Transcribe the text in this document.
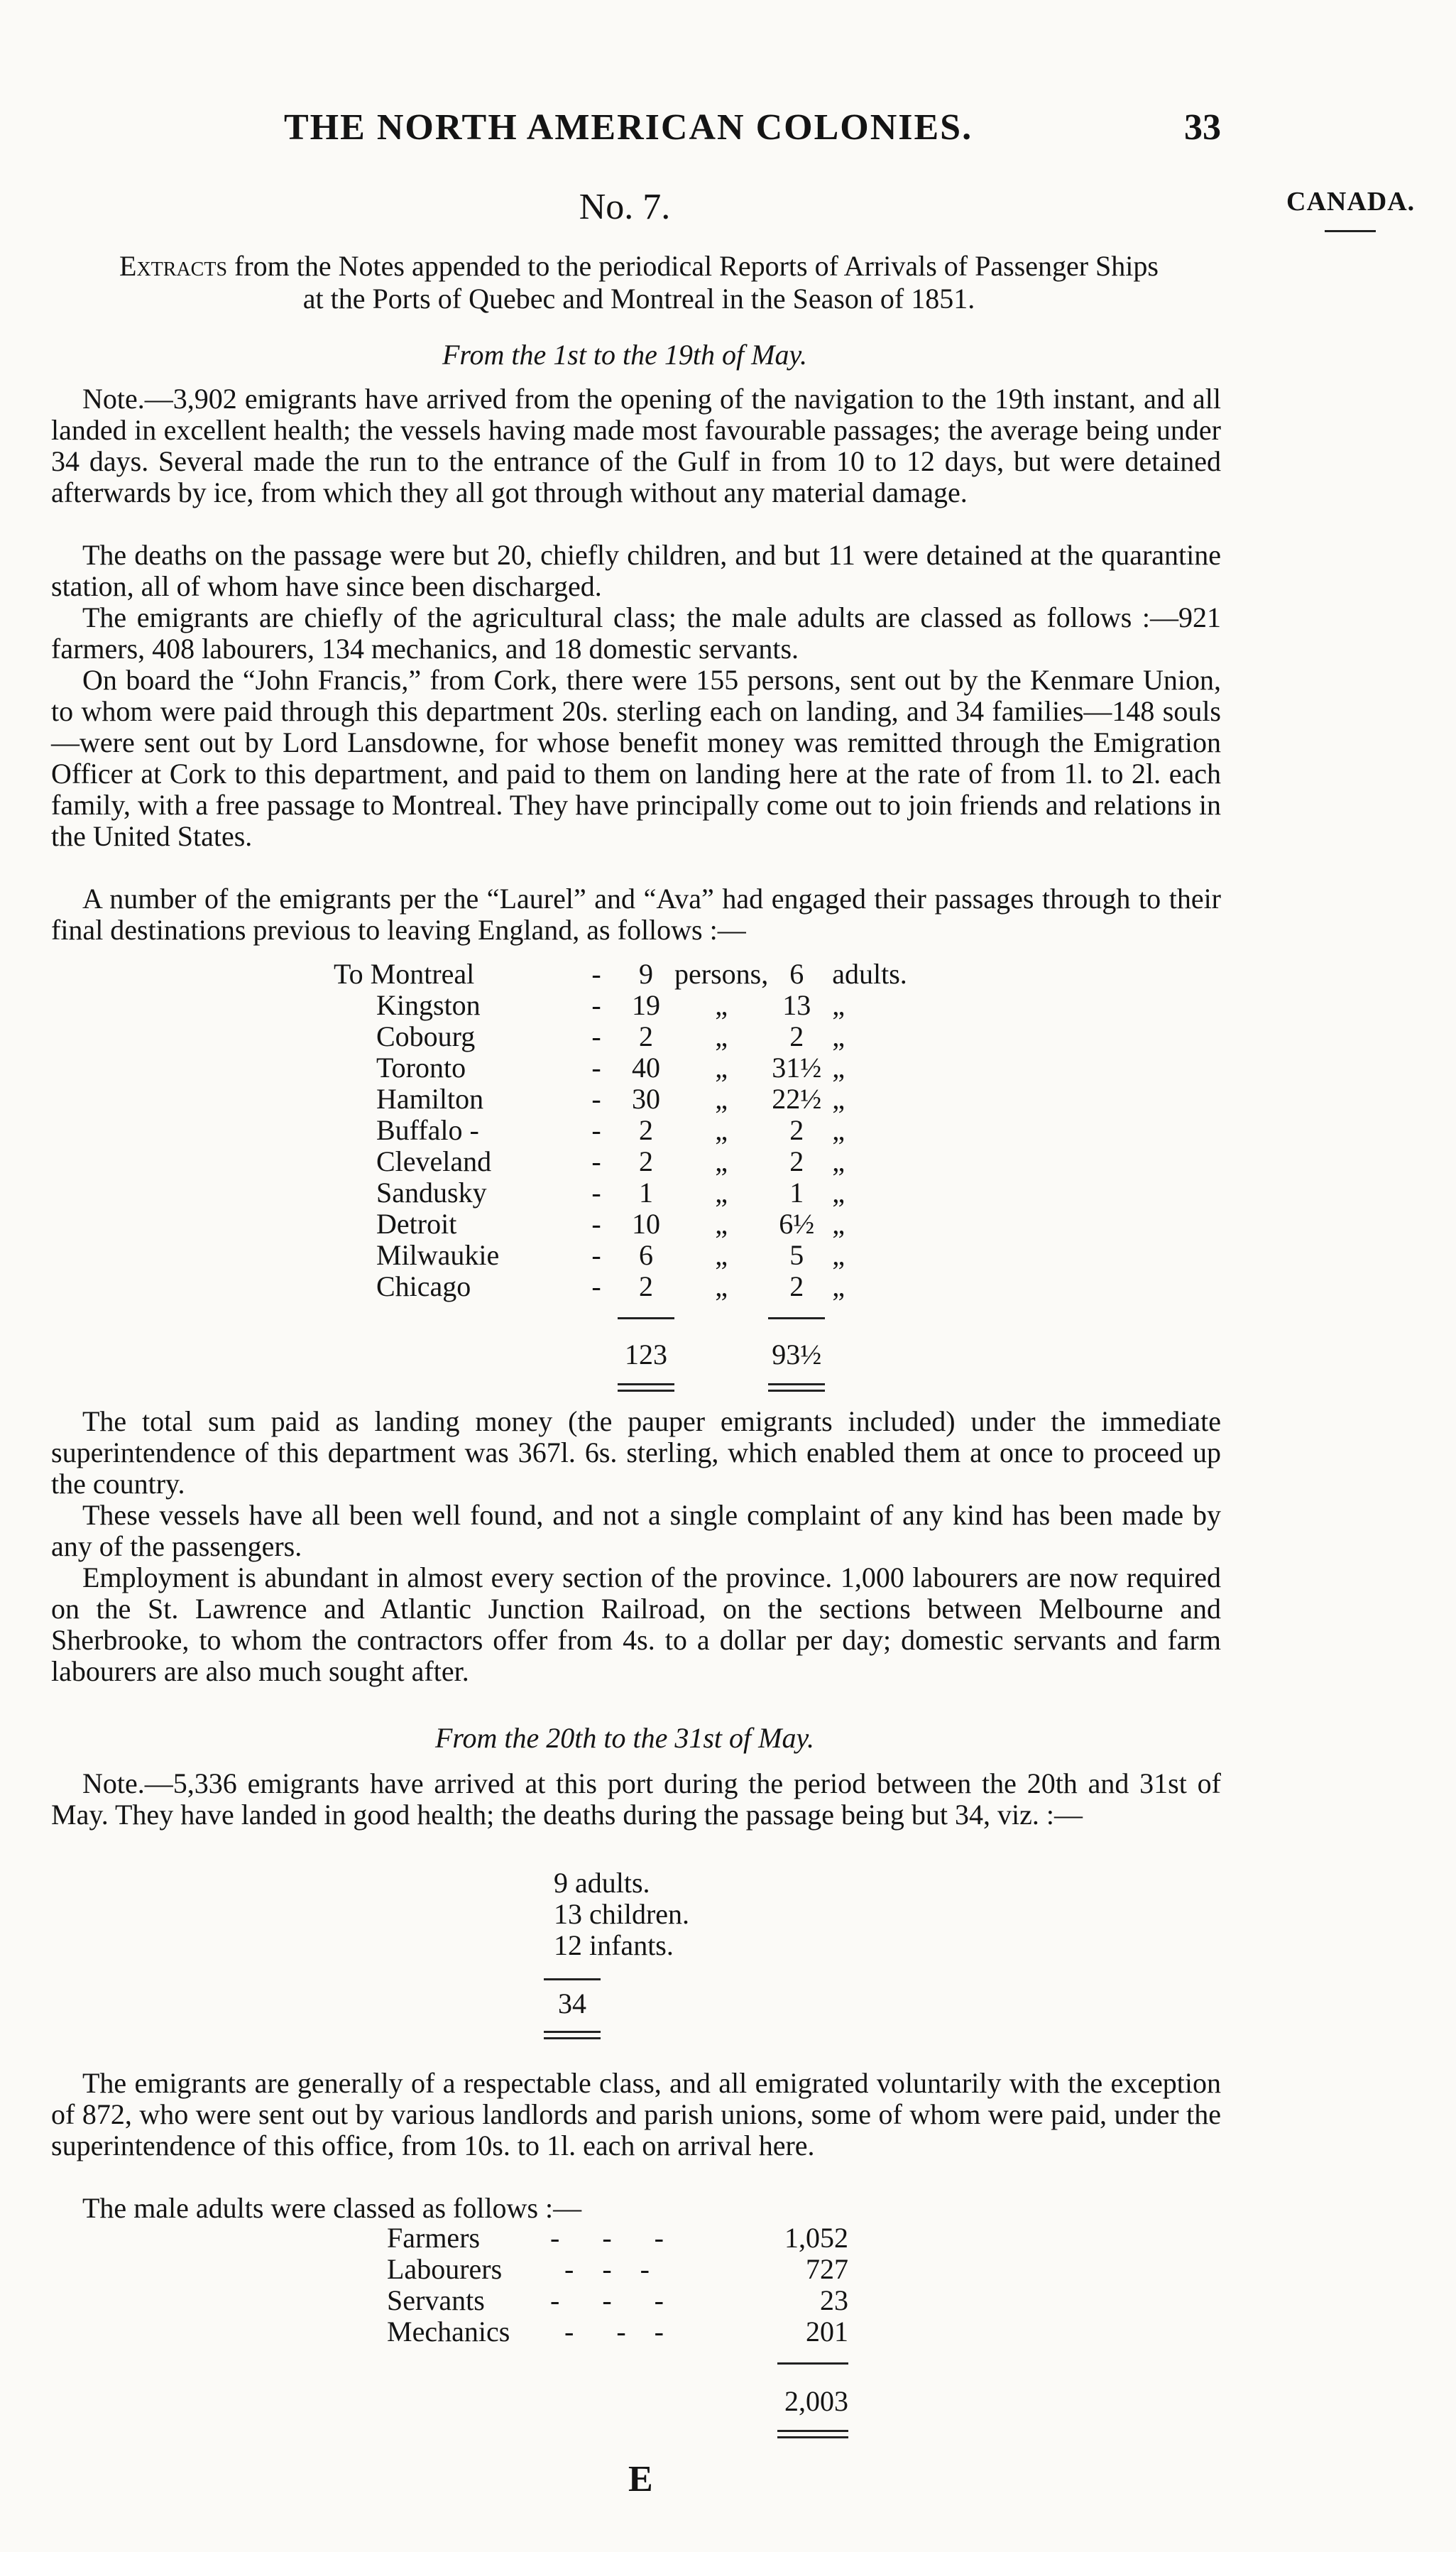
THE NORTH AMERICAN COLONIES.	33
CANADA.
No. 7.
Extracts from the Notes appended to the periodical Reports of Arrivals of Passenger Ships
at the Ports of Quebec and Montreal in the Season of 1851.
From the 1st to the 19th of May.
Note.—3,902 emigrants have arrived from the opening of the navigation to the 19th instant, and all landed in excellent health; the vessels having made most favourable passages; the average being under 34 days. Several made the run to the entrance of the Gulf in from 10 to 12 days, but were detained afterwards by ice, from which they all got through without any material damage.
The deaths on the passage were but 20, chiefly children, and but 11 were detained at the quarantine station, all of whom have since been discharged.
The emigrants are chiefly of the agricultural class; the male adults are classed as follows :—921 farmers, 408 labourers, 134 mechanics, and 18 domestic servants.
On board the “John Francis,” from Cork, there were 155 persons, sent out by the Kenmare Union, to whom were paid through this department 20s. sterling each on landing, and 34 families—148 souls—were sent out by Lord Lansdowne, for whose benefit money was remitted through the Emigration Officer at Cork to this department, and paid to them on landing here at the rate of from 1l. to 2l. each family, with a free passage to Montreal. They have principally come out to join friends and relations in the United States.
A number of the emigrants per the “Laurel” and “Ava” had engaged their passages through to their final destinations previous to leaving England, as follows :—
To Montreal	-	9	persons,	6	adults.
Kingston	-	19	„	13	„
Cobourg	-	2	„	2	„
Toronto	-	40	„	31½	„
Hamilton	-	30	„	22½	„
Buffalo -	-	2	„	2	„
Cleveland	-	2	„	2	„
Sandusky	-	1	„	1	„
Detroit	-	10	„	6½	„
Milwaukie	-	6	„	5	„
Chicago	-	2	„	2	„

		123		93½	

The total sum paid as landing money (the pauper emigrants included) under the immediate superintendence of this department was 367l. 6s. sterling, which enabled them at once to proceed up the country.
These vessels have all been well found, and not a single complaint of any kind has been made by any of the passengers.
Employment is abundant in almost every section of the province. 1,000 labourers are now required on the St. Lawrence and Atlantic Junction Railroad, on the sections between Melbourne and Sherbrooke, to whom the contractors offer from 4s. to a dollar per day; domestic servants and farm labourers are also much sought after.
From the 20th to the 31st of May.
Note.—5,336 emigrants have arrived at this port during the period between the 20th and 31st of May. They have landed in good health; the deaths during the passage being but 34, viz. :—
9 adults.
13 children.
12 infants.
34
The emigrants are generally of a respectable class, and all emigrated voluntarily with the exception of 872, who were sent out by various landlords and parish unions, some of whom were paid, under the superintendence of this office, from 10s. to 1l. each on arrival here.
The male adults were classed as follows :—
Farmers	-      -      -	1,052
Labourers	-    -    -	727
Servants	-      -      -	23
Mechanics	-      -    -	201

		2,003

E
